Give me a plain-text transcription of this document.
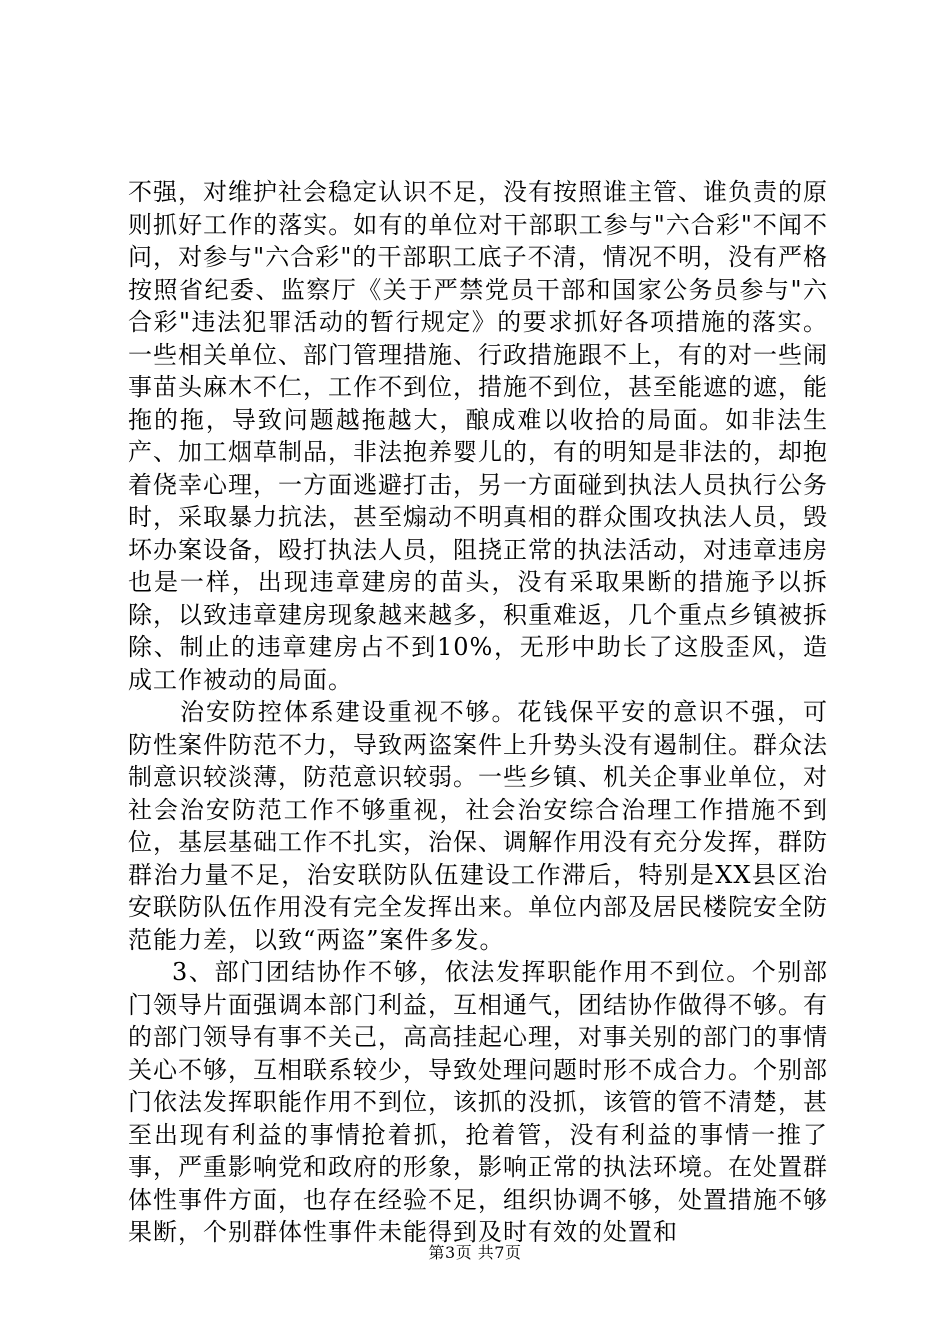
不强，对维护社会稳定认识不足，没有按照谁主管、谁负责的原则抓好工作的落实。如有的单位对干部职工参与"六合彩"不闻不问，对参与"六合彩"的干部职工底子不清，情况不明，没有严格按照省纪委、监察厅《关于严禁党员干部和国家公务员参与"六合彩"违法犯罪活动的暂行规定》的要求抓好各项措施的落实。一些相关单位、部门管理措施、行政措施跟不上，有的对一些闹事苗头麻木不仁，工作不到位，措施不到位，甚至能遮的遮，能拖的拖，导致问题越拖越大，酿成难以收拾的局面。如非法生产、加工烟草制品，非法抱养婴儿的，有的明知是非法的，却抱着侥幸心理，一方面逃避打击，另一方面碰到执法人员执行公务时，采取暴力抗法，甚至煽动不明真相的群众围攻执法人员，毁坏办案设备，殴打执法人员，阻挠正常的执法活动，对违章违房也是一样，出现违章建房的苗头，没有采取果断的措施予以拆除，以致违章建房现象越来越多，积重难返，几个重点乡镇被拆除、制止的违章建房占不到10%，无形中助长了这股歪风，造成工作被动的局面。

治安防控体系建设重视不够。花钱保平安的意识不强，可防性案件防范不力，导致两盗案件上升势头没有遏制住。群众法制意识较淡薄，防范意识较弱。一些乡镇、机关企事业单位，对社会治安防范工作不够重视，社会治安综合治理工作措施不到位，基层基础工作不扎实，治保、调解作用没有充分发挥，群防群治力量不足，治安联防队伍建设工作滞后，特别是XX县区治安联防队伍作用没有完全发挥出来。单位内部及居民楼院安全防范能力差，以致“两盗”案件多发。

3、部门团结协作不够，依法发挥职能作用不到位。个别部门领导片面强调本部门利益，互相通气，团结协作做得不够。有的部门领导有事不关己，高高挂起心理，对事关别的部门的事情关心不够，互相联系较少，导致处理问题时形不成合力。个别部门依法发挥职能作用不到位，该抓的没抓，该管的管不清楚，甚至出现有利益的事情抢着抓，抢着管，没有利益的事情一推了事，严重影响党和政府的形象，影响正常的执法环境。在处置群体性事件方面，也存在经验不足，组织协调不够，处置措施不够果断，个别群体性事件未能得到及时有效的处置和

第3页 共7页
